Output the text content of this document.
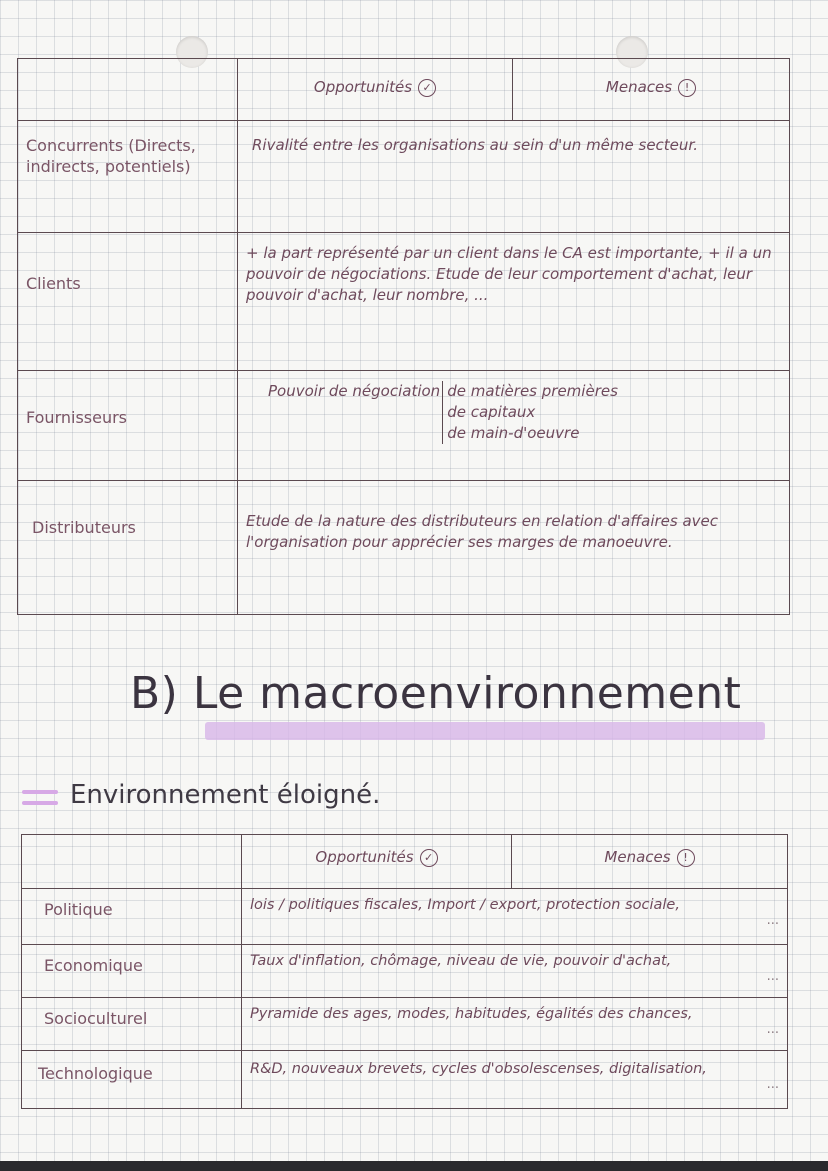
	Opportunités ✓	Menaces !
Concurrents (Directs, indirects, potentiels)	Rivalité entre les organisations au sein d'un même secteur.	
Clients	+ la part représenté par un client dans le CA est importante, + il a un pouvoir de négociations. Etude de leur comportement d'achat, leur pouvoir d'achat, leur nombre, ...	
Fournisseurs	Pouvoir de négociation de matières premières
de capitaux
de main-d'oeuvre	

Distributeurs	Etude de la nature des distributeurs en relation d'affaires avec l'organisation pour apprécier ses marges de manoeuvre.	
B) Le macroenvironnement
Environnement éloigné.
	Opportunités ✓	Menaces !
Politique	lois / politiques fiscales, Import / export, protection sociale,
...	

Economique	Taux d'inflation, chômage, niveau de vie, pouvoir d'achat,
...	

Socioculturel	Pyramide des ages, modes, habitudes, égalités des chances,
...	

Technologique	R&D, nouveaux brevets, cycles d'obsolescenses, digitalisation,
...	
